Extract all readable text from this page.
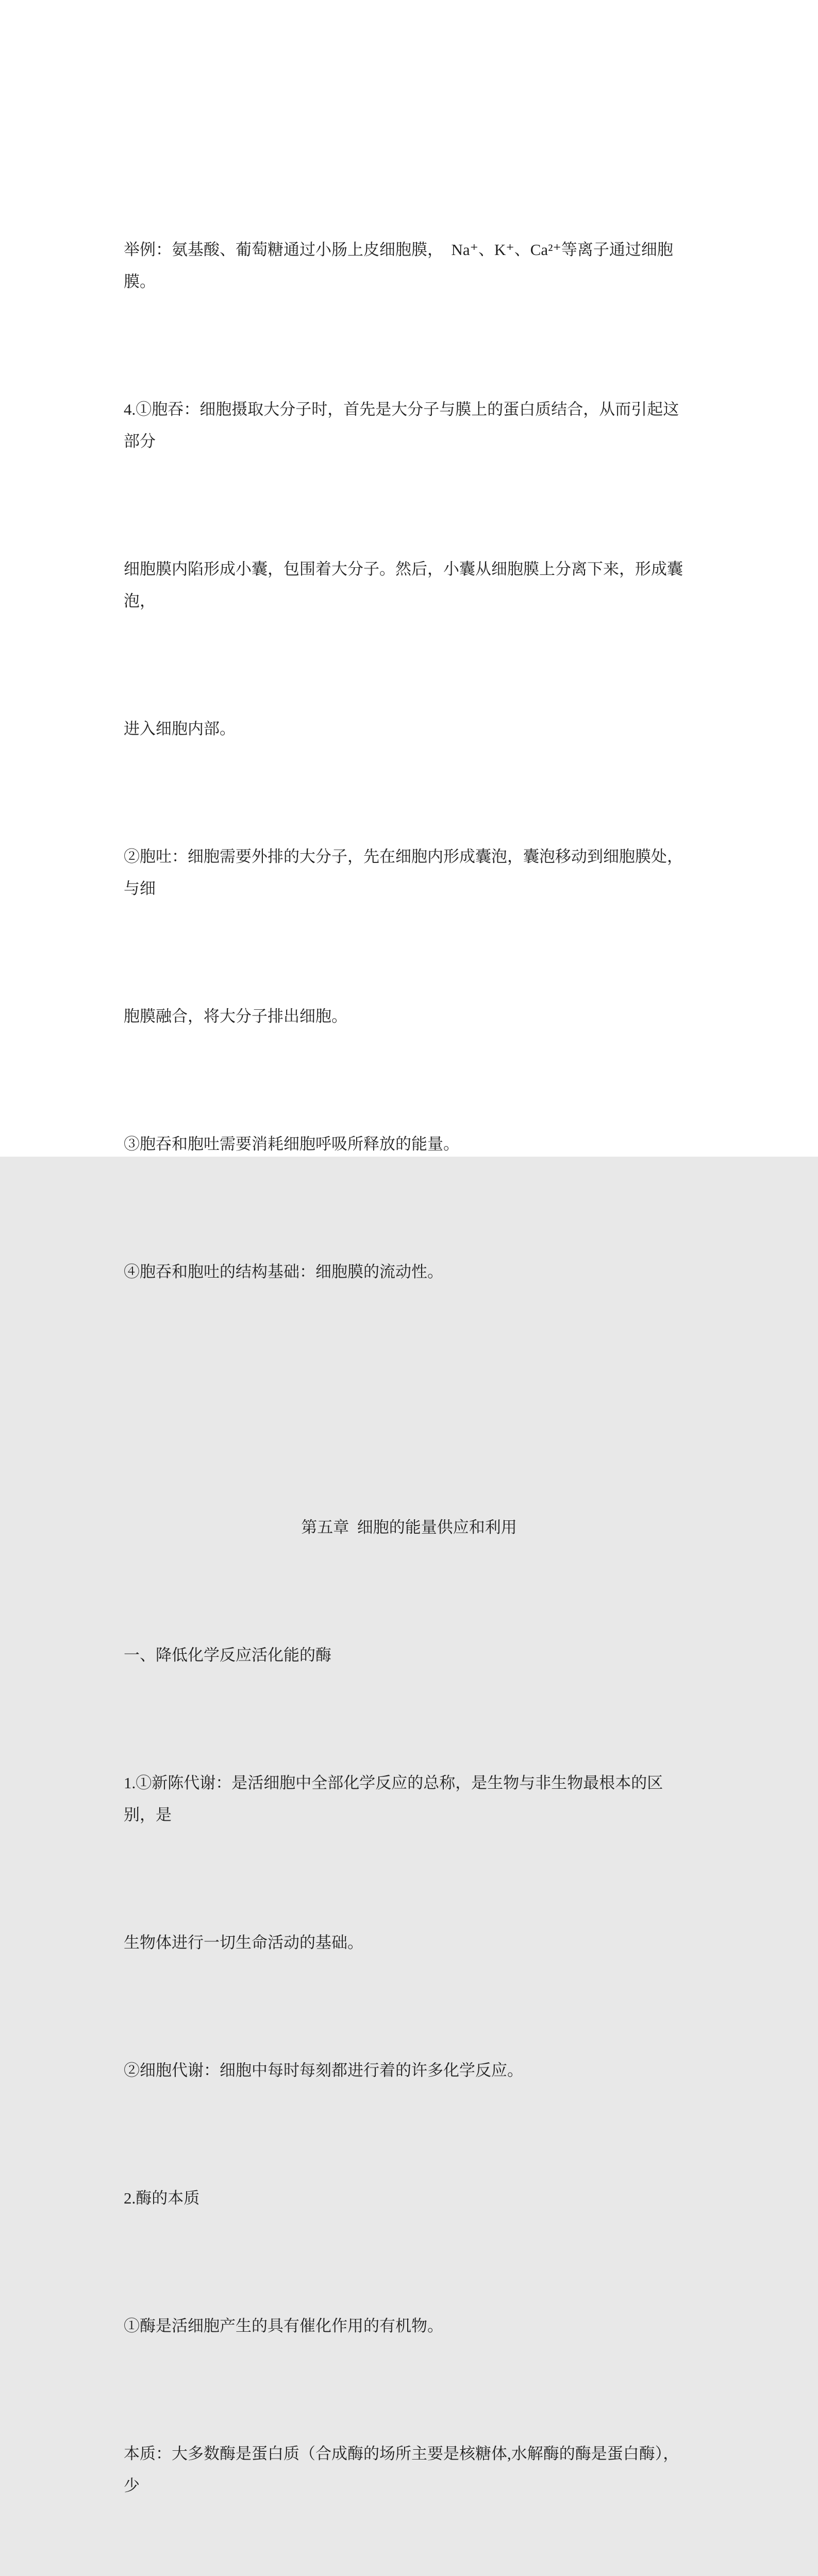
举例：氨基酸、葡萄糖通过小肠上皮细胞膜，  Na⁺、K⁺、Ca²⁺等离子通过细胞膜。

4.①胞吞：细胞摄取大分子时，首先是大分子与膜上的蛋白质结合，从而引起这部分

细胞膜内陷形成小囊，包围着大分子。然后，小囊从细胞膜上分离下来，形成囊泡，

进入细胞内部。

②胞吐：细胞需要外排的大分子，先在细胞内形成囊泡，囊泡移动到细胞膜处，与细

胞膜融合，将大分子排出细胞。

③胞吞和胞吐需要消耗细胞呼吸所释放的能量。

④胞吞和胞吐的结构基础：细胞膜的流动性。

第五章  细胞的能量供应和利用

一、降低化学反应活化能的酶

1.①新陈代谢：是活细胞中全部化学反应的总称，是生物与非生物最根本的区别，是

生物体进行一切生命活动的基础。

②细胞代谢：细胞中每时每刻都进行着的许多化学反应。

2.酶的本质

①酶是活细胞产生的具有催化作用的有机物。

本质：大多数酶是蛋白质（合成酶的场所主要是核糖体,水解酶的酶是蛋白酶），少
